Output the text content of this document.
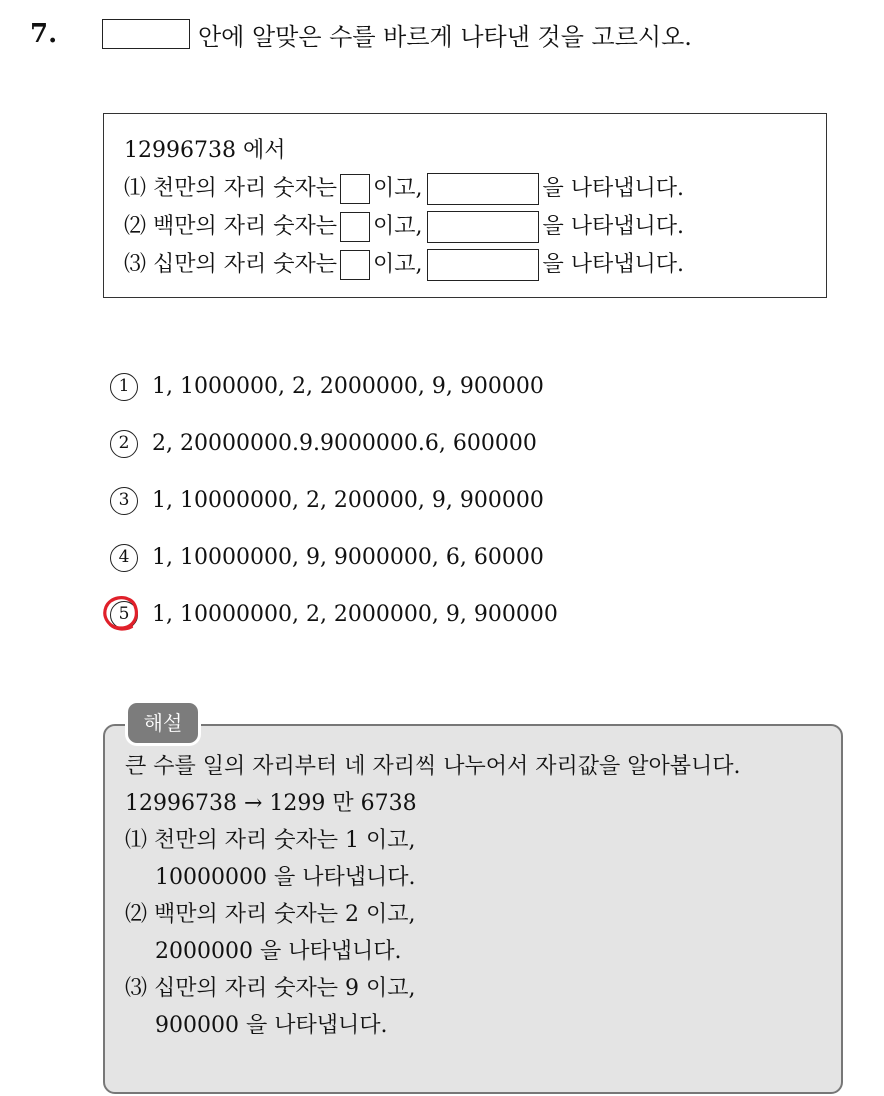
7.	안에 알맞은 수를 바르게 나타낸 것을 고르시오.
12996738 에서
⑴ 천만의 자리 숫자는 이고,	을 나타냅니다.
⑵ 백만의 자리 숫자는 이고,	을 나타냅니다.
⑶ 십만의 자리 숫자는 이고,	을 나타냅니다.
1	1, 1000000, 2, 2000000, 9, 900000
2	2, 20000000.9.9000000.6, 600000
3	1, 10000000, 2, 200000, 9, 900000
4	1, 10000000, 9, 9000000, 6, 60000
5	1, 10000000, 2, 2000000, 9, 900000
큰 수를 일의 자리부터 네 자리씩 나누어서 자리값을 알아봅니다.
12996738 → 1299 만 6738
⑴ 천만의 자리 숫자는 1 이고,
10000000 을 나타냅니다.
⑵ 백만의 자리 숫자는 2 이고,
2000000 을 나타냅니다.
⑶ 십만의 자리 숫자는 9 이고,
900000 을 나타냅니다.
해설
